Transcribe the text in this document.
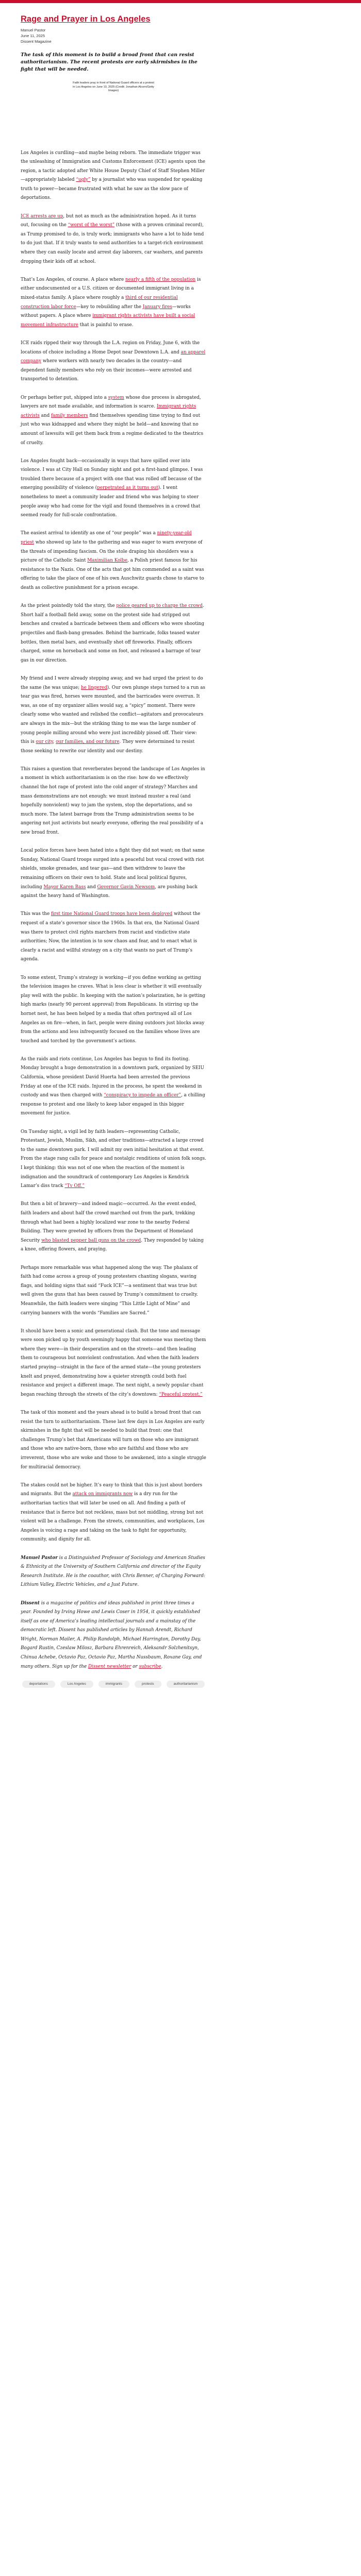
Rage and Prayer in Los Angeles
Manuel Pastor
June 11, 2025
Dissent Magazine

The task of this moment is to build a broad front that can resist authoritarianism. The recent protests are early skirmishes in the fight that will be needed.

Faith leaders pray in front of National Guard officers at a protest in Los Angeles on June 10, 2025 (Credit: Jonathan Alcorn/Getty Images)

Los Angeles is curdling—and maybe being reborn. The immediate trigger was the unleashing of Immigration and Customs Enforcement (ICE) agents upon the region, a tactic adopted after White House Deputy Chief of Staff Stephen Miller—appropriately labeled “ugly” by a journalist who was suspended for speaking truth to power—became frustrated with what he saw as the slow pace of deportations.

ICE arrests are up, but not as much as the administration hoped. As it turns out, focusing on the “worst of the worst” (those with a proven criminal record), as Trump promised to do, is truly work; immigrants who have a lot to hide tend to do just that. If it truly wants to send authorities to a target-rich environment where they can easily locate and arrest day laborers, car washers, and parents dropping their kids off at school.

That’s Los Angeles, of course. A place where nearly a fifth of the population is either undocumented or a U.S. citizen or documented immigrant living in a mixed-status family. A place where roughly a third of our residential construction labor force—key to rebuilding after the January fires—works without papers. A place where immigrant rights activists have built a social movement infrastructure that is painful to erase.

ICE raids ripped their way through the L.A. region on Friday, June 6, with the locations of choice including a Home Depot near Downtown L.A. and an apparel company where workers with nearly two decades in the country—and dependent family members who rely on their incomes—were arrested and transported to detention.

Or perhaps better put, shipped into a system whose due process is abrogated, lawyers are not made available, and information is scarce. Immigrant rights activists and family members find themselves spending time trying to find out just who was kidnapped and where they might be held—and knowing that no amount of lawsuits will get them back from a regime dedicated to the theatrics of cruelty.

Los Angeles fought back—occasionally in ways that have spilled over into violence. I was at City Hall on Sunday night and got a first-hand glimpse. I was troubled there because of a project with one that was rolled off because of the emerging possibility of violence (perpetrated as it turns out). I went nonetheless to meet a community leader and friend who was helping to steer people away who had come for the vigil and found themselves in a crowd that seemed ready for full-scale confrontation.

The easiest arrival to identify as one of “our people” was a ninety-year-old priest who showed up late to the gathering and was eager to warn everyone of the threats of impending fascism. On the stole draping his shoulders was a picture of the Catholic Saint Maximilian Kolbe, a Polish priest famous for his resistance to the Nazis. One of the acts that got him commended as a saint was offering to take the place of one of his own Auschwitz guards chose to starve to death as collective punishment for a prison escape.

As the priest pointedly told the story, the police geared up to charge the crowd. Short half a football field away, some on the protest side had stripped out benches and created a barricade between them and officers who were shooting projectiles and flash-bang grenades. Behind the barricade, folks teased water bottles, then metal bars, and eventually shot off fireworks. Finally, officers charged, some on horseback and some on foot, and released a barrage of tear gas in our direction.

My friend and I were already stepping away, and we had urged the priest to do the same (he was unique; he lingered). Our own plunge steps turned to a run as tear gas was fired, horses were mounted, and the barricades were overrun. It was, as one of my organizer allies would say, a “spicy” moment. There were clearly some who wanted and relished the conflict—agitators and provocateurs are always in the mix—but the striking thing to me was the large number of young people milling around who were just incredibly pissed off. Their view: this is our city, our families, and our future. They were determined to resist those seeking to rewrite our identity and our destiny.

This raises a question that reverberates beyond the landscape of Los Angeles in a moment in which authoritarianism is on the rise: how do we effectively channel the hot rage of protest into the cold anger of strategy? Marches and mass demonstrations are not enough: we must instead muster a real (and hopefully nonviolent) way to jam the system, stop the deportations, and so much more. The latest barrage from the Trump administration seems to be angering not just activists but nearly everyone, offering the real possibility of a new broad front.

Local police forces have been hated into a fight they did not want; on that same Sunday, National Guard troops surged into a peaceful but vocal crowd with riot shields, smoke grenades, and tear gas—and then withdrew to leave the remaining officers on their own to hold. State and local political figures, including Mayor Karen Bass and Governor Gavin Newsom, are pushing back against the heavy hand of Washington.

This was the first time National Guard troops have been deployed without the request of a state’s governor since the 1960s. In that era, the National Guard was there to protect civil rights marchers from racist and vindictive state authorities; Now, the intention is to sow chaos and fear, and to enact what is clearly a racist and willful strategy on a city that wants no part of Trump’s agenda.

To some extent, Trump’s strategy is working—if you define working as getting the television images he craves. What is less clear is whether it will eventually play well with the public. In keeping with the nation’s polarization, he is getting high marks (nearly 90 percent approval) from Republicans. In stirring up the hornet nest, he has been helped by a media that often portrayed all of Los Angeles as on fire—when, in fact, people were dining outdoors just blocks away from the actions and less infrequently focused on the families whose lives are touched and torched by the government’s actions.

As the raids and riots continue, Los Angeles has begun to find its footing. Monday brought a huge demonstration in a downtown park, organized by SEIU California, whose president David Huerta had been arrested the previous Friday at one of the ICE raids. Injured in the process, he spent the weekend in custody and was then charged with “conspiracy to impede an officer”, a chilling response to protest and one likely to keep labor engaged in this bigger movement for justice.

On Tuesday night, a vigil led by faith leaders—representing Catholic, Protestant, Jewish, Muslim, Sikh, and other traditions—attracted a large crowd to the same downtown park. I will admit my own initial hesitation at that event. From the stage rang calls for peace and nostalgic renditions of union folk songs. I kept thinking: this was not of one when the reaction of the moment is indignation and the soundtrack of contemporary Los Angeles is Kendrick Lamar’s diss track “Tv Off.”

But then a bit of bravery—and indeed magic—occurred. As the event ended, faith leaders and about half the crowd marched out from the park, trekking through what had been a highly localized war zone to the nearby Federal Building. They were greeted by officers from the Department of Homeland Security who blasted pepper ball guns on the crowd. They responded by taking a knee, offering flowers, and praying.

Perhaps more remarkable was what happened along the way. The phalanx of faith had come across a group of young protesters chanting slogans, waving flags, and holding signs that said “Fuck ICE”—a sentiment that was true but well given the guns that has been caused by Trump’s commitment to cruelty. Meanwhile, the faith leaders were singing “This Little Light of Mine” and carrying banners with the words “Families are Sacred.”

It should have been a sonic and generational clash. But the tone and message were soon picked up by youth seemingly happy that someone was meeting them where they were—in their desperation and on the streets—and then leading them to courageous but nonviolent confrontation. And when the faith leaders started praying—straight in the face of the armed state—the young protesters knelt and prayed, demonstrating how a quieter strength could both fuel resistance and project a different image. The next night, a newly popular chant began reaching through the streets of the city’s downtown: “Peaceful protest.”

The task of this moment and the years ahead is to build a broad front that can resist the turn to authoritarianism. These last few days in Los Angeles are early skirmishes in the fight that will be needed to build that front: one that challenges Trump’s bet that Americans will turn on those who are immigrant and those who are native-born, those who are faithful and those who are irreverent, those who are woke and those to be awakened, into a single struggle for multiracial democracy.

The stakes could not be higher. It’s easy to think that this is just about borders and migrants. But the attack on immigrants now is a dry run for the authoritarian tactics that will later be used on all. And finding a path of resistance that is fierce but not reckless, mass but not middling, strong but not violent will be a challenge. From the streets, communities, and workplaces, Los Angeles is voicing a rage and taking on the task to fight for opportunity, community, and dignity for all.

Manuel Pastor is a Distinguished Professor of Sociology and American Studies & Ethnicity at the University of Southern California and director of the Equity Research Institute. He is the coauthor, with Chris Benner, of Charging Forward: Lithium Valley, Electric Vehicles, and a Just Future.

Dissent is a magazine of politics and ideas published in print three times a year. Founded by Irving Howe and Lewis Coser in 1954, it quickly established itself as one of America’s leading intellectual journals and a mainstay of the democratic left. Dissent has published articles by Hannah Arendt, Richard Wright, Norman Mailer, A. Philip Randolph, Michael Harrington, Dorothy Day, Bogard Rustin, Czeslaw Milosz, Barbara Ehrenreich, Aleksandr Solzhenitsyn, Chinua Achebe, Octavio Paz, Octavio Paz, Martha Nussbaum, Roxane Gay, and many others. Sign up for the Dissent newsletter or subscribe.

deportations	Los Angeles	immigrants	protests	authoritarianism
